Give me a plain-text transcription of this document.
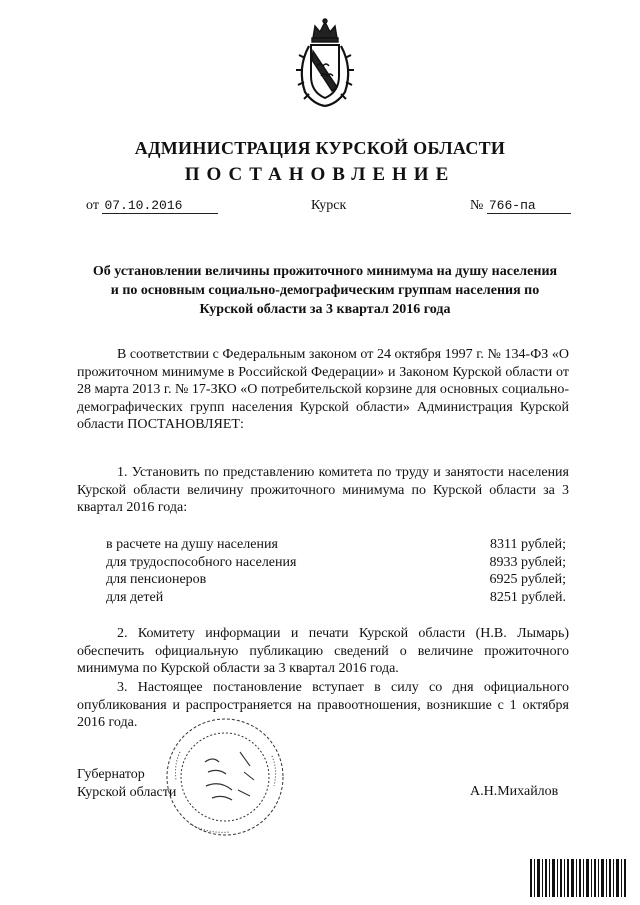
АДМИНИСТРАЦИЯ КУРСКОЙ ОБЛАСТИ
ПОСТАНОВЛЕНИЕ
от 07.10.2016	Курск	№ 766-па
Об установлении величины прожиточного минимума на душу населения и по основным социально-демографическим группам населения по Курской области за 3 квартал 2016 года

В соответствии с Федеральным законом от 24 октября 1997 г. № 134-ФЗ «О прожиточном минимуме в Российской Федерации» и Законом Курской области от 28 марта 2013 г. № 17-ЗКО «О потребительской корзине для основных социально-демографических групп населения Курской области» Администрация Курской области ПОСТАНОВЛЯЕТ:

1. Установить по представлению комитета по труду и занятости населения Курской области величину прожиточного минимума по Курской области за 3 квартал 2016 года:

в расчете на душу населения	8311 рублей;
для трудоспособного населения	8933 рублей;
для пенсионеров	6925 рублей;
для детей	8251 рублей.

2. Комитету информации и печати Курской области (Н.В. Лымарь) обеспечить официальную публикацию сведений о величине прожиточного минимума по Курской области за 3 квартал 2016 года.

3. Настоящее постановление вступает в силу со дня официального опубликования и распространяется на правоотношения, возникшие с 1 октября 2016 года.

Губернатор
Курской области	А.Н.Михайлов
